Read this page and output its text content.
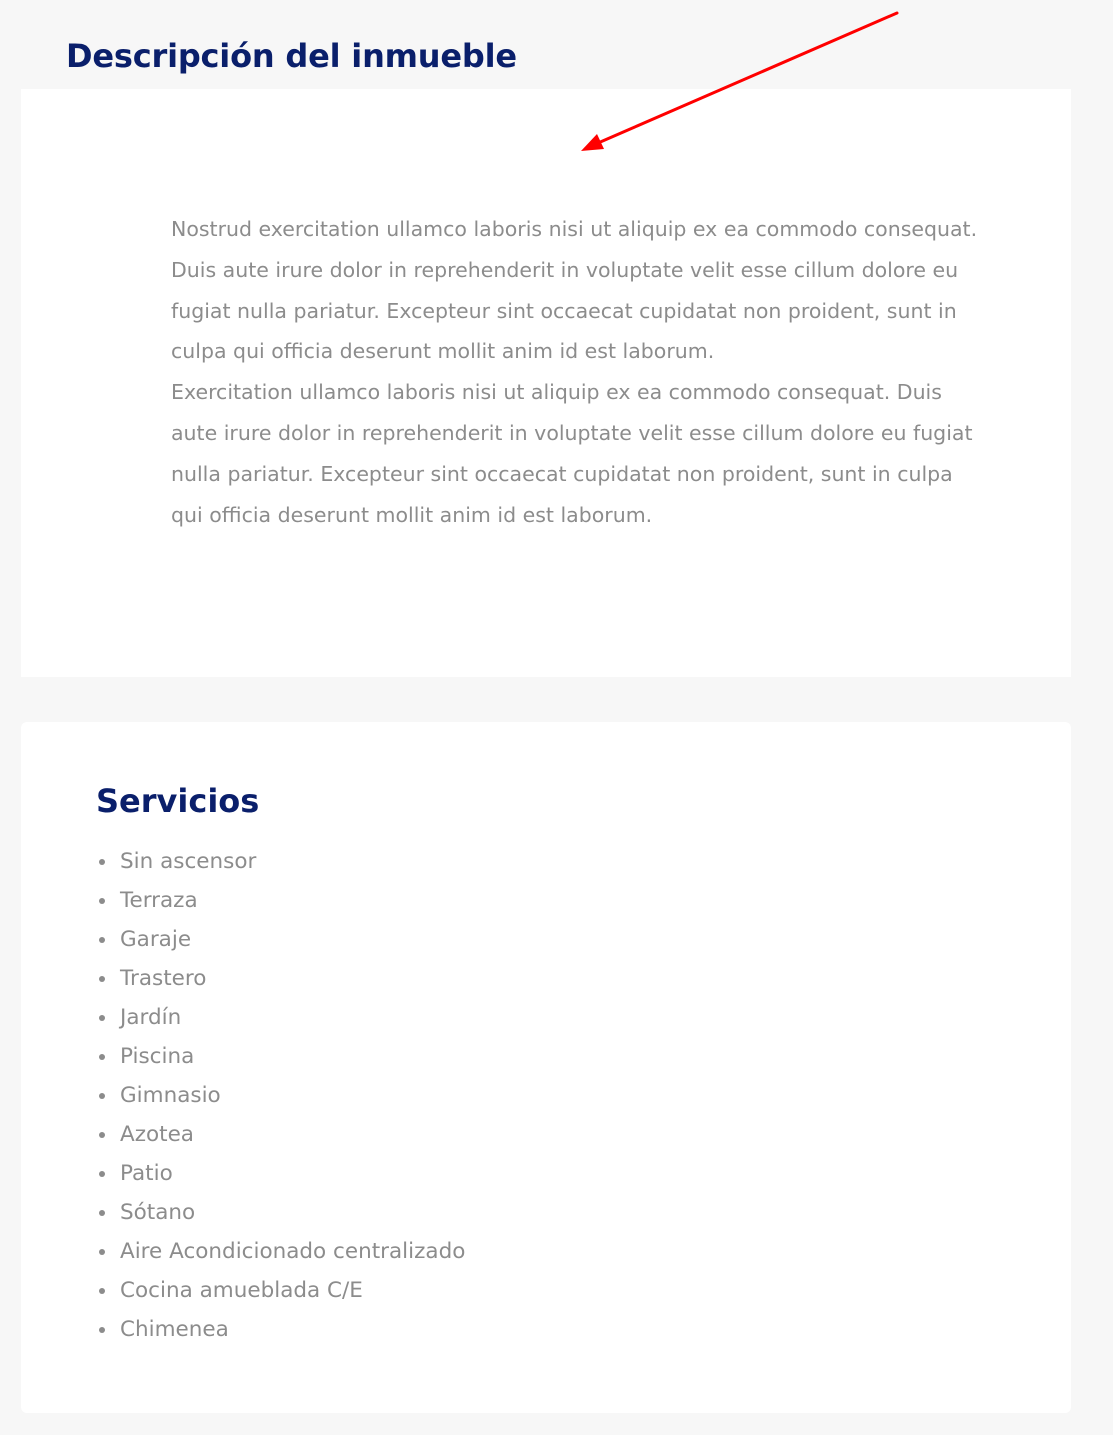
Descripción del inmueble

Nostrud exercitation ullamco laboris nisi ut aliquip ex ea commodo consequat. Duis aute irure dolor in reprehenderit in voluptate velit esse cillum dolore eu fugiat nulla pariatur. Excepteur sint occaecat cupidatat non proident, sunt in culpa qui officia deserunt mollit anim id est laborum.

Exercitation ullamco laboris nisi ut aliquip ex ea commodo consequat. Duis aute irure dolor in reprehenderit in voluptate velit esse cillum dolore eu fugiat nulla pariatur. Excepteur sint occaecat cupidatat non proident, sunt in culpa qui officia deserunt mollit anim id est laborum.

Servicios
Sin ascensor
Terraza
Garaje
Trastero
Jardín
Piscina
Gimnasio
Azotea
Patio
Sótano
Aire Acondicionado centralizado
Cocina amueblada C/E
Chimenea
